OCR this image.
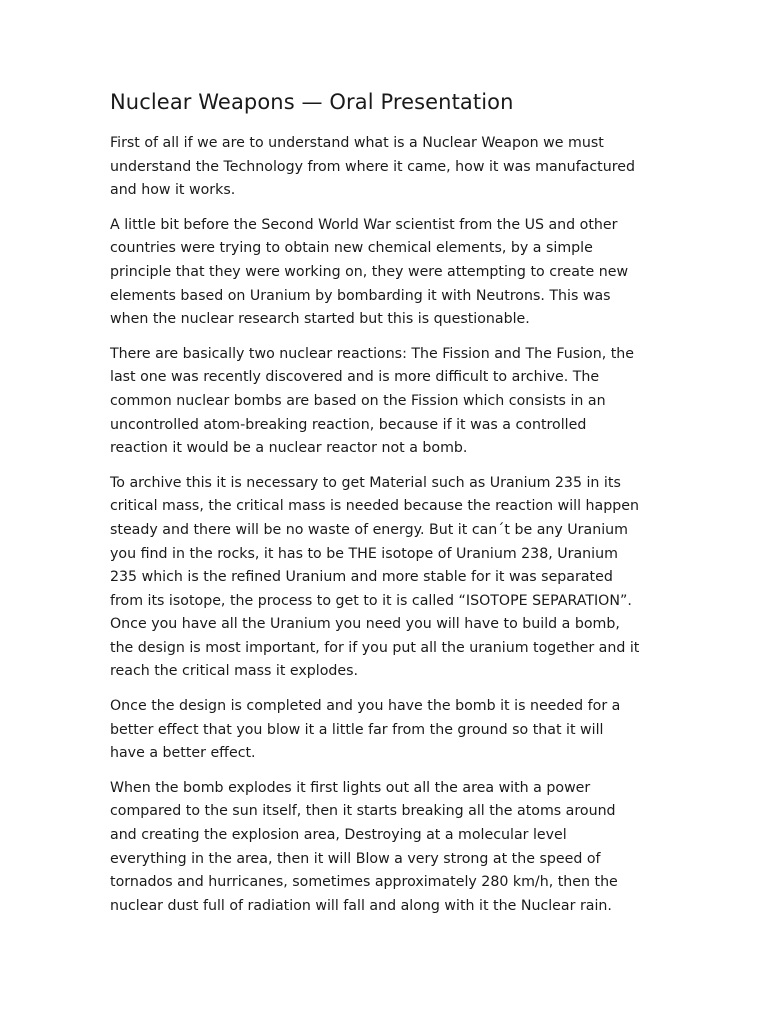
Nuclear Weapons — Oral Presentation

First of all if we are to understand what is a Nuclear Weapon we must
understand the Technology from where it came, how it was manufactured
and how it works.

A little bit before the Second World War scientist from the US and other
countries were trying to obtain new chemical elements, by a simple
principle that they were working on, they were attempting to create new
elements based on Uranium by bombarding it with Neutrons. This was
when the nuclear research started but this is questionable.

There are basically two nuclear reactions: The Fission and The Fusion, the
last one was recently discovered and is more difficult to archive. The
common nuclear bombs are based on the Fission which consists in an
uncontrolled atom-breaking reaction, because if it was a controlled
reaction it would be a nuclear reactor not a bomb.

To archive this it is necessary to get Material such as Uranium 235 in its
critical mass, the critical mass is needed because the reaction will happen
steady and there will be no waste of energy. But it can´t be any Uranium
you find in the rocks, it has to be THE isotope of Uranium 238, Uranium
235 which is the refined Uranium and more stable for it was separated
from its isotope, the process to get to it is called “ISOTOPE SEPARATION”.
Once you have all the Uranium you need you will have to build a bomb,
the design is most important, for if you put all the uranium together and it
reach the critical mass it explodes.

Once the design is completed and you have the bomb it is needed for a
better effect that you blow it a little far from the ground so that it will
have a better effect.

When the bomb explodes it first lights out all the area with a power
compared to the sun itself, then it starts breaking all the atoms around
and creating the explosion area, Destroying at a molecular level
everything in the area, then it will Blow a very strong at the speed of
tornados and hurricanes, sometimes approximately 280 km/h, then the
nuclear dust full of radiation will fall and along with it the Nuclear rain.
